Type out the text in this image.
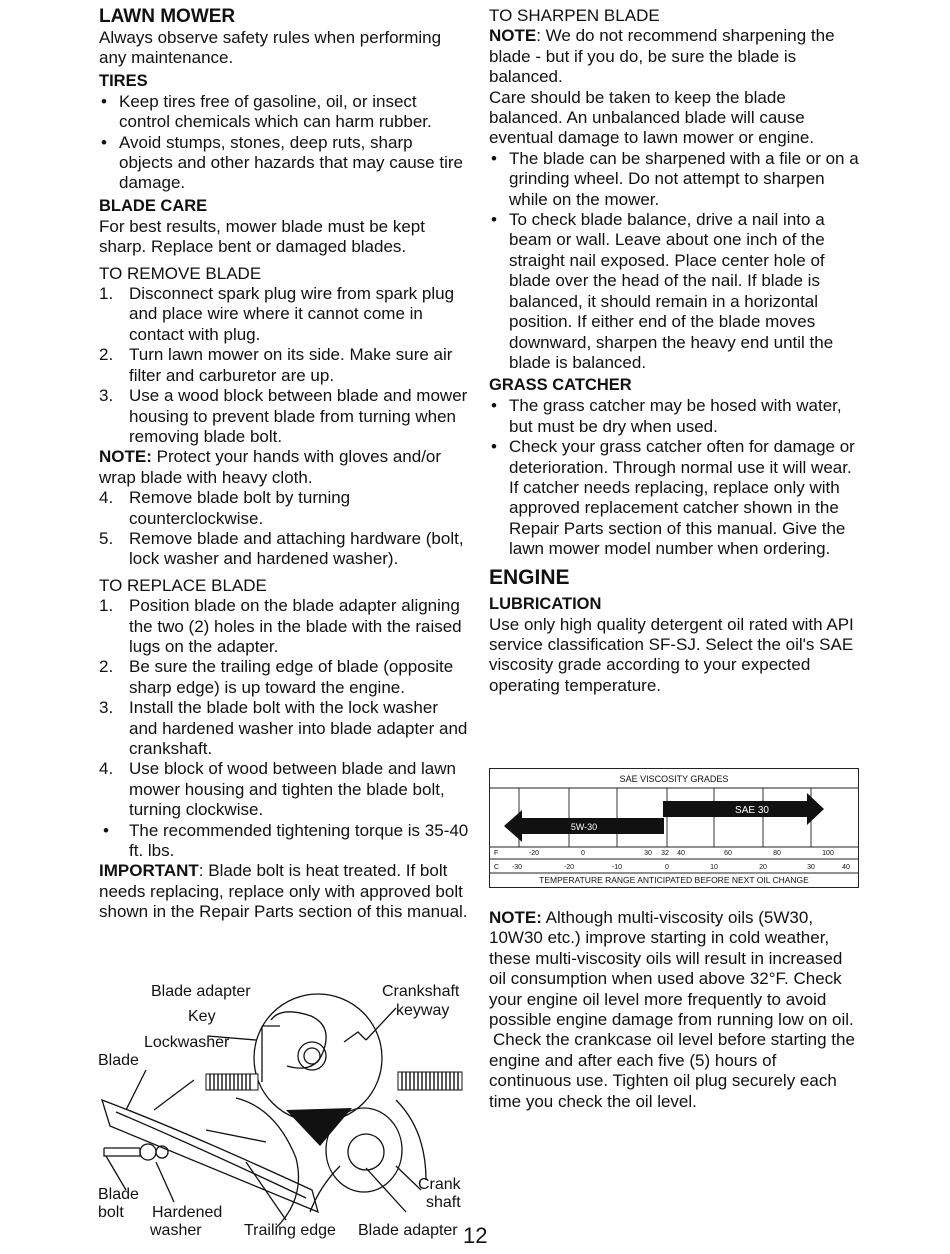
LAWN MOWER

Always observe safety rules when performing any maintenance.

TIRES
• Keep tires free of gasoline, oil, or insect control chemicals which can harm rubber.
• Avoid stumps, stones, deep ruts, sharp objects and other hazards that may cause tire damage.
BLADE CARE

For best results, mower blade must be kept sharp. Replace bent or damaged blades.

TO REMOVE BLADE
1. Disconnect spark plug wire from spark plug and place wire where it cannot come in contact with plug.
2. Turn lawn mower on its side. Make sure air filter and carburetor are up.
3. Use a wood block between blade and mower housing to prevent blade from turning when removing blade bolt.

NOTE: Protect your hands with gloves and/or wrap blade with heavy cloth.

4. Remove blade bolt by turning counterclockwise.
5. Remove blade and attaching hardware (bolt, lock washer and hardened washer).
TO REPLACE BLADE
1. Position blade on the blade adapter aligning the two (2) holes in the blade with the raised lugs on the adapter.
2. Be sure the trailing edge of blade (opposite sharp edge) is up toward the engine.
3. Install the blade bolt with the lock washer and hardened washer into blade adapter and crankshaft.
4. Use block of wood between blade and lawn mower housing and tighten the blade bolt, turning clockwise.
• The recommended tightening torque is 35-40 ft. lbs.

IMPORTANT: Blade bolt is heat treated. If bolt needs replacing, replace only with approved bolt shown in the Repair Parts section of this manual.

TO SHARPEN BLADE

NOTE: We do not recommend sharpening the blade - but if you do, be sure the blade is balanced.

Care should be taken to keep the blade balanced. An unbalanced blade will cause eventual damage to lawn mower or engine.

• The blade can be sharpened with a file or on a grinding wheel. Do not attempt to sharpen while on the mower.
• To check blade balance, drive a nail into a beam or wall. Leave about one inch of the straight nail exposed. Place center hole of blade over the head of the nail. If blade is balanced, it should remain in a horizontal position. If either end of the blade moves downward, sharpen the heavy end until the blade is balanced.
GRASS CATCHER
• The grass catcher may be hosed with water, but must be dry when used.
• Check your grass catcher often for damage or deterioration. Through normal use it will wear. If catcher needs replacing, replace only with approved replacement catcher shown in the Repair Parts section of this manual. Give the lawn mower model number when ordering.
ENGINE
LUBRICATION

Use only high quality detergent oil rated with API service classification SF-SJ. Select the oil's SAE viscosity grade according to your expected operating temperature.

SAE VISCOSITY GRADES
SAE 30
5W-30
F	-20	0	30 32 40	60	80	100
C -30	-20	-10	0	10	20	30	40
TEMPERATURE RANGE ANTICIPATED BEFORE NEXT OIL CHANGE

NOTE: Although multi-viscosity oils (5W30, 10W30 etc.) improve starting in cold weather, these multi-viscosity oils will result in increased oil consumption when used above 32°F. Check your engine oil level more frequently to avoid possible engine damage from running low on oil.

Check the crankcase oil level before starting the engine and after each five (5) hours of continuous use. Tighten oil plug securely each time you check the oil level.

Blade adapter
Key
Lockwasher
Blade
Crankshaft
keyway
Blade
bolt Hardened
washer	Trailing edge Blade adapter
Crank
shaft
12
